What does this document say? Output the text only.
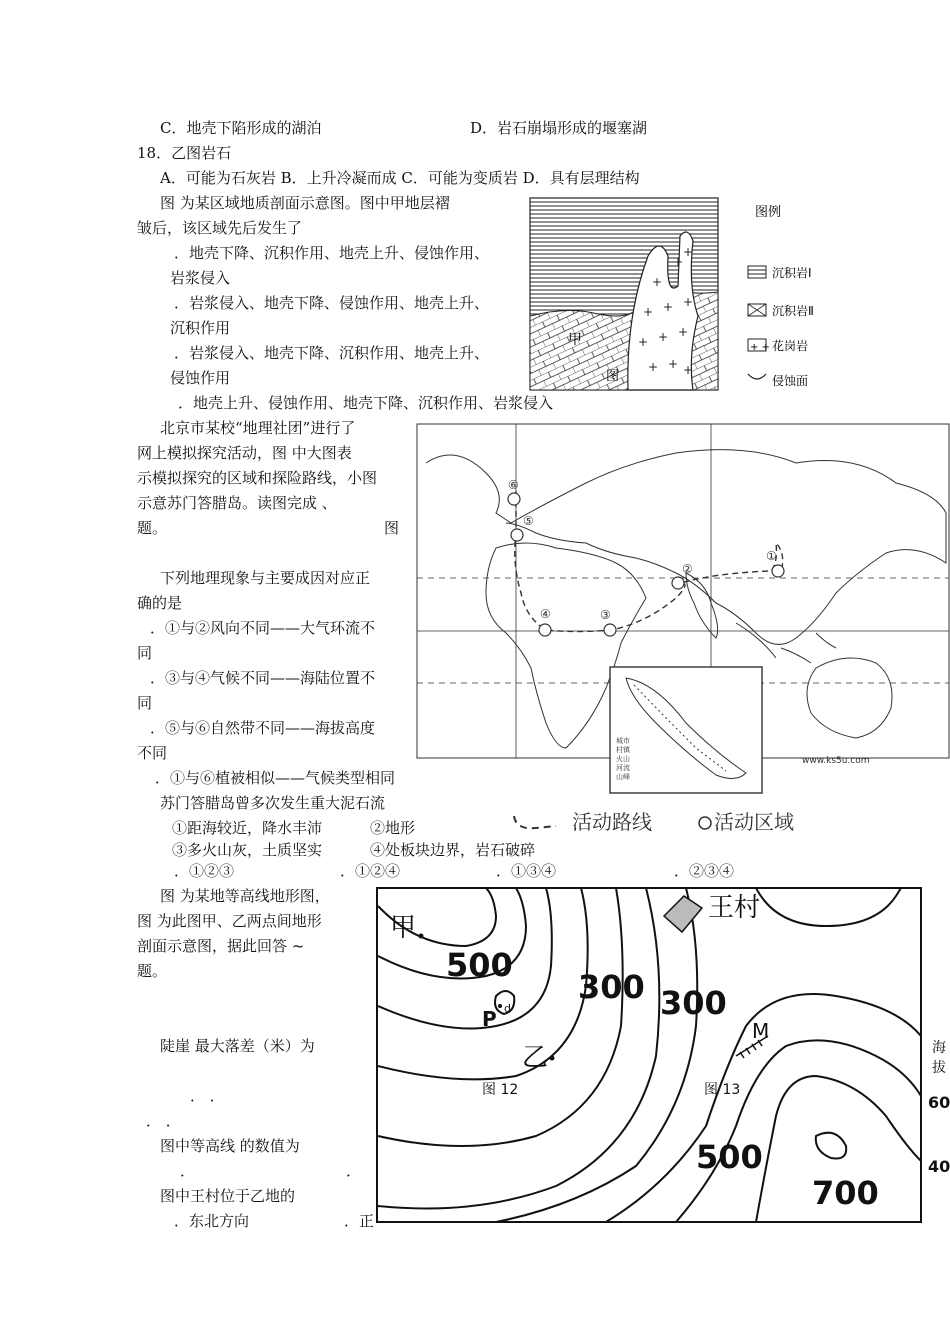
C．地壳下陷形成的湖泊	D．岩石崩塌形成的堰塞湖
18．乙图岩石
A．可能为石灰岩 B．上升冷凝而成 C．可能为变质岩 D．具有层理结构
图 为某区域地质剖面示意图。图中甲地层褶
皱后，该区域先后发生了
．地壳下降、沉积作用、地壳上升、侵蚀作用、
岩浆侵入
．岩浆侵入、地壳下降、侵蚀作用、地壳上升、
沉积作用
．岩浆侵入、地壳下降、沉积作用、地壳上升、
侵蚀作用
．地壳上升、侵蚀作用、地壳下降、沉积作用、岩浆侵入
+
+
+
+ + +
+ + +
+ + +
甲
图
图例
沉积岩Ⅰ
沉积岩Ⅱ
+ + 花岗岩
侵蚀面
北京市某校“地理社团”进行了
网上模拟探究活动，图 中大图表
示模拟探究的区域和探险路线，小图
示意苏门答腊岛。读图完成 、
题。	图
下列地理现象与主要成因对应正
确的是
．①与②风向不同——大气环流不
同
．③与④气候不同——海陆位置不
同
．⑤与⑥自然带不同——海拔高度
不同
．①与⑥植被相似——气候类型相同
苏门答腊岛曾多次发生重大泥石流
①距海较近，降水丰沛	②地形
③多火山灰，土质坚实	④处板块边界，岩石破碎
．①②③	．①②④	．①③④	．②③④
①
②
③
④
⑤
⑥
城市
村镇
火山
河流
山峰
www.ks5u.com
活动路线	活动区域
图 为某地等高线地形图，
图 为此图甲、乙两点间地形
剖面示意图，据此回答 ~
题。
陡崖 最大落差（米）为
． ．
． ．
图中等高线 的数值为
．	．
图中王村位于乙地的
．东北方向	．正
甲
乙
王村
M
P d
500
300 300
500
700
图 12	图 13
海
拔
60
40
